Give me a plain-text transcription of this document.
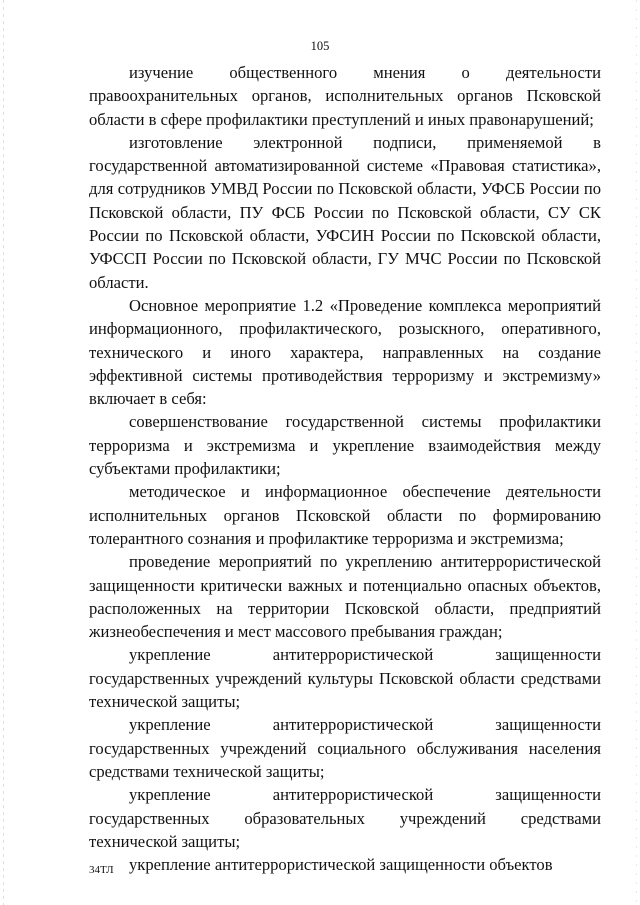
105

изучение общественного мнения о деятельности правоохранительных органов, исполнительных органов Псковской области в сфере профилактики преступлений и иных правонарушений;

изготовление электронной подписи, применяемой в государственной автоматизированной системе «Правовая статистика», для сотрудников УМВД России по Псковской области, УФСБ России по Псковской области, ПУ ФСБ России по Псковской области, СУ СК России по Псковской области, УФСИН России по Псковской области, УФССП России по Псковской области, ГУ МЧС России по Псковской области.

Основное мероприятие 1.2 «Проведение комплекса мероприятий информационного, профилактического, розыскного, оперативного, технического и иного характера, направленных на создание эффективной системы противодействия терроризму и экстремизму» включает в себя:

совершенствование государственной системы профилактики терроризма и экстремизма и укрепление взаимодействия между субъектами профилактики;

методическое и информационное обеспечение деятельности исполнительных органов Псковской области по формированию толерантного сознания и профилактике терроризма и экстремизма;

проведение мероприятий по укреплению антитеррористической защищенности критически важных и потенциально опасных объектов, расположенных на территории Псковской области, предприятий жизнеобеспечения и мест массового пребывания граждан;

укрепление антитеррористической защищенности государственных учреждений культуры Псковской области средствами технической защиты;

укрепление антитеррористической защищенности государственных учреждений социального обслуживания населения средствами технической защиты;

укрепление антитеррористической защищенности государственных образовательных учреждений средствами технической защиты;

укрепление антитеррористической защищенности объектов

34ТЛ
